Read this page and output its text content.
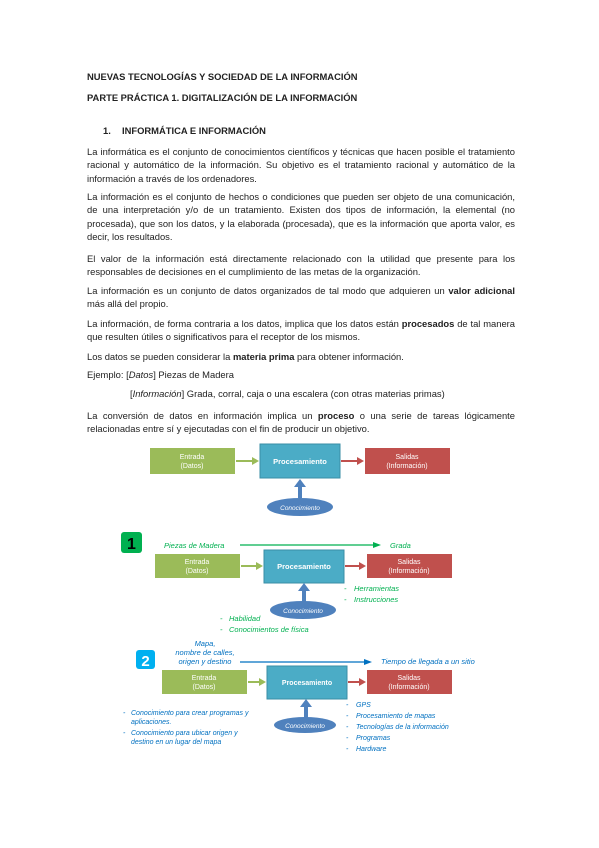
NUEVAS TECNOLOGÍAS Y SOCIEDAD DE LA INFORMACIÓN
PARTE PRÁCTICA 1. DIGITALIZACIÓN DE LA INFORMACIÓN
1. INFORMÁTICA E INFORMACIÓN
La informática es el conjunto de conocimientos científicos y técnicas que hacen posible el tratamiento racional y automático de la información. Su objetivo es el tratamiento racional y automático de la información a través de los ordenadores.
La información es el conjunto de hechos o condiciones que pueden ser objeto de una comunicación, de una interpretación y/o de un tratamiento. Existen dos tipos de información, la elemental (no procesada), que son los datos, y la elaborada (procesada), que es la información que aporta valor, es decir, los resultados.
El valor de la información está directamente relacionado con la utilidad que presente para los responsables de decisiones en el cumplimiento de las metas de la organización.
La información es un conjunto de datos organizados de tal modo que adquieren un valor adicional más allá del propio.
La información, de forma contraria a los datos, implica que los datos están procesados de tal manera que resulten útiles o significativos para el receptor de los mismos.
Los datos se pueden considerar la materia prima para obtener información.
Ejemplo: [Datos] Piezas de Madera
[Información] Grada, corral, caja o una escalera (con otras materias primas)
La conversión de datos en información implica un proceso o una serie de tareas lógicamente relacionadas entre sí y ejecutadas con el fin de producir un objetivo.
Entrada
(Datos)
Procesamiento	Salidas
(Información)
Conocimiento
1	Piezas de Madera	Grada
Entrada
(Datos)
Procesamiento	Salidas
(Información)
Conocimiento
- Herramientas
- Instrucciones
- Habilidad
- Conocimientos de física
2
Mapa,
nombre de calles,
origen y destino	Tiempo de llegada a un sitio
Entrada
(Datos)
Procesamiento
Salidas
(Información)
Conocimiento
- Conocimiento para crear programas y
aplicaciones.
- Conocimiento para ubicar origen y
destino en un lugar del mapa
- GPS
- Procesamiento de mapas
- Tecnologías de la información
- Programas
- Hardware
